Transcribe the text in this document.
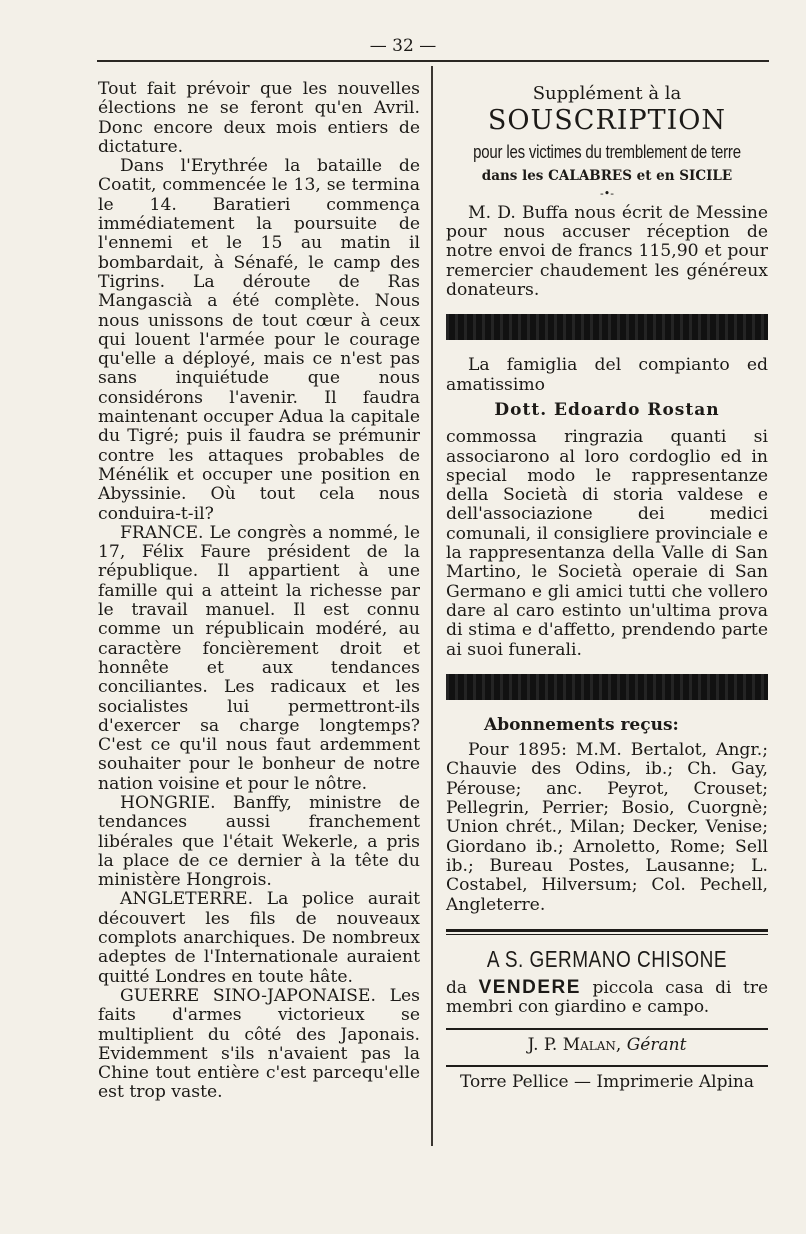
— 32 —

Tout fait prévoir que les nouvelles élections ne se feront qu'en Avril. Donc encore deux mois entiers de dictature.

Dans l'Erythrée la bataille de Coatit, commencée le 13, se termina le 14. Baratieri commença immédiatement la poursuite de l'ennemi et le 15 au matin il bombardait, à Sénafé, le camp des Tigrins. La déroute de Ras Mangascià a été complète. Nous nous unissons de tout cœur à ceux qui louent l'armée pour le courage qu'elle a déployé, mais ce n'est pas sans inquiétude que nous considérons l'avenir. Il faudra maintenant occuper Adua la capitale du Tigré; puis il faudra se prémunir contre les attaques probables de Ménélik et occuper une position en Abyssinie. Où tout cela nous conduira-t-il?

FRANCE. Le congrès a nommé, le 17, Félix Faure président de la république. Il appartient à une famille qui a atteint la richesse par le travail manuel. Il est connu comme un républicain modéré, au caractère foncièrement droit et honnête et aux tendances conciliantes. Les radicaux et les socialistes lui permettront-ils d'exercer sa charge longtemps? C'est ce qu'il nous faut ardemment souhaiter pour le bonheur de notre nation voisine et pour le nôtre.

HONGRIE. Banffy, ministre de tendances aussi franchement libérales que l'était Wekerle, a pris la place de ce dernier à la tête du ministère Hongrois.

ANGLETERRE. La police aurait découvert les fils de nouveaux complots anarchiques. De nombreux adeptes de l'Internationale auraient quitté Londres en toute hâte.

GUERRE SINO-JAPONAISE. Les faits d'armes victorieux se multiplient du côté des Japonais. Evidemment s'ils n'avaient pas la Chine tout entière c'est parcequ'elle est trop vaste.

Supplément à la

SOUSCRIPTION

pour les victimes du tremblement de terre

dans les CALABRES et en SICILE

-•-

M. D. Buffa nous écrit de Messine pour nous accuser réception de notre envoi de francs 115,90 et pour remercier chaudement les généreux donateurs.

La famiglia del compianto ed amatissimo

Dott. Edoardo Rostan

commossa ringrazia quanti si associarono al loro cordoglio ed in special modo le rappresentanze della Società di storia valdese e dell'associazione dei medici comunali, il consigliere provinciale e la rappresentanza della Valle di San Martino, le Società operaie di San Germano e gli amici tutti che vollero dare al caro estinto un'ultima prova di stima e d'affetto, prendendo parte ai suoi funerali.

Abonnements reçus:

Pour 1895: M.M. Bertalot, Angr.; Chauvie des Odins, ib.; Ch. Gay, Pérouse; anc. Peyrot, Crouset; Pellegrin, Perrier; Bosio, Cuorgnè; Union chrét., Milan; Decker, Venise; Giordano ib.; Arnoletto, Rome; Sell ib.; Bureau Postes, Lausanne; L. Costabel, Hilversum; Col. Pechell, Angleterre.

A S. GERMANO CHISONE

da VENDERE piccola casa di tre membri con giardino e campo.

J. P. Malan, Gérant

Torre Pellice — Imprimerie Alpina
